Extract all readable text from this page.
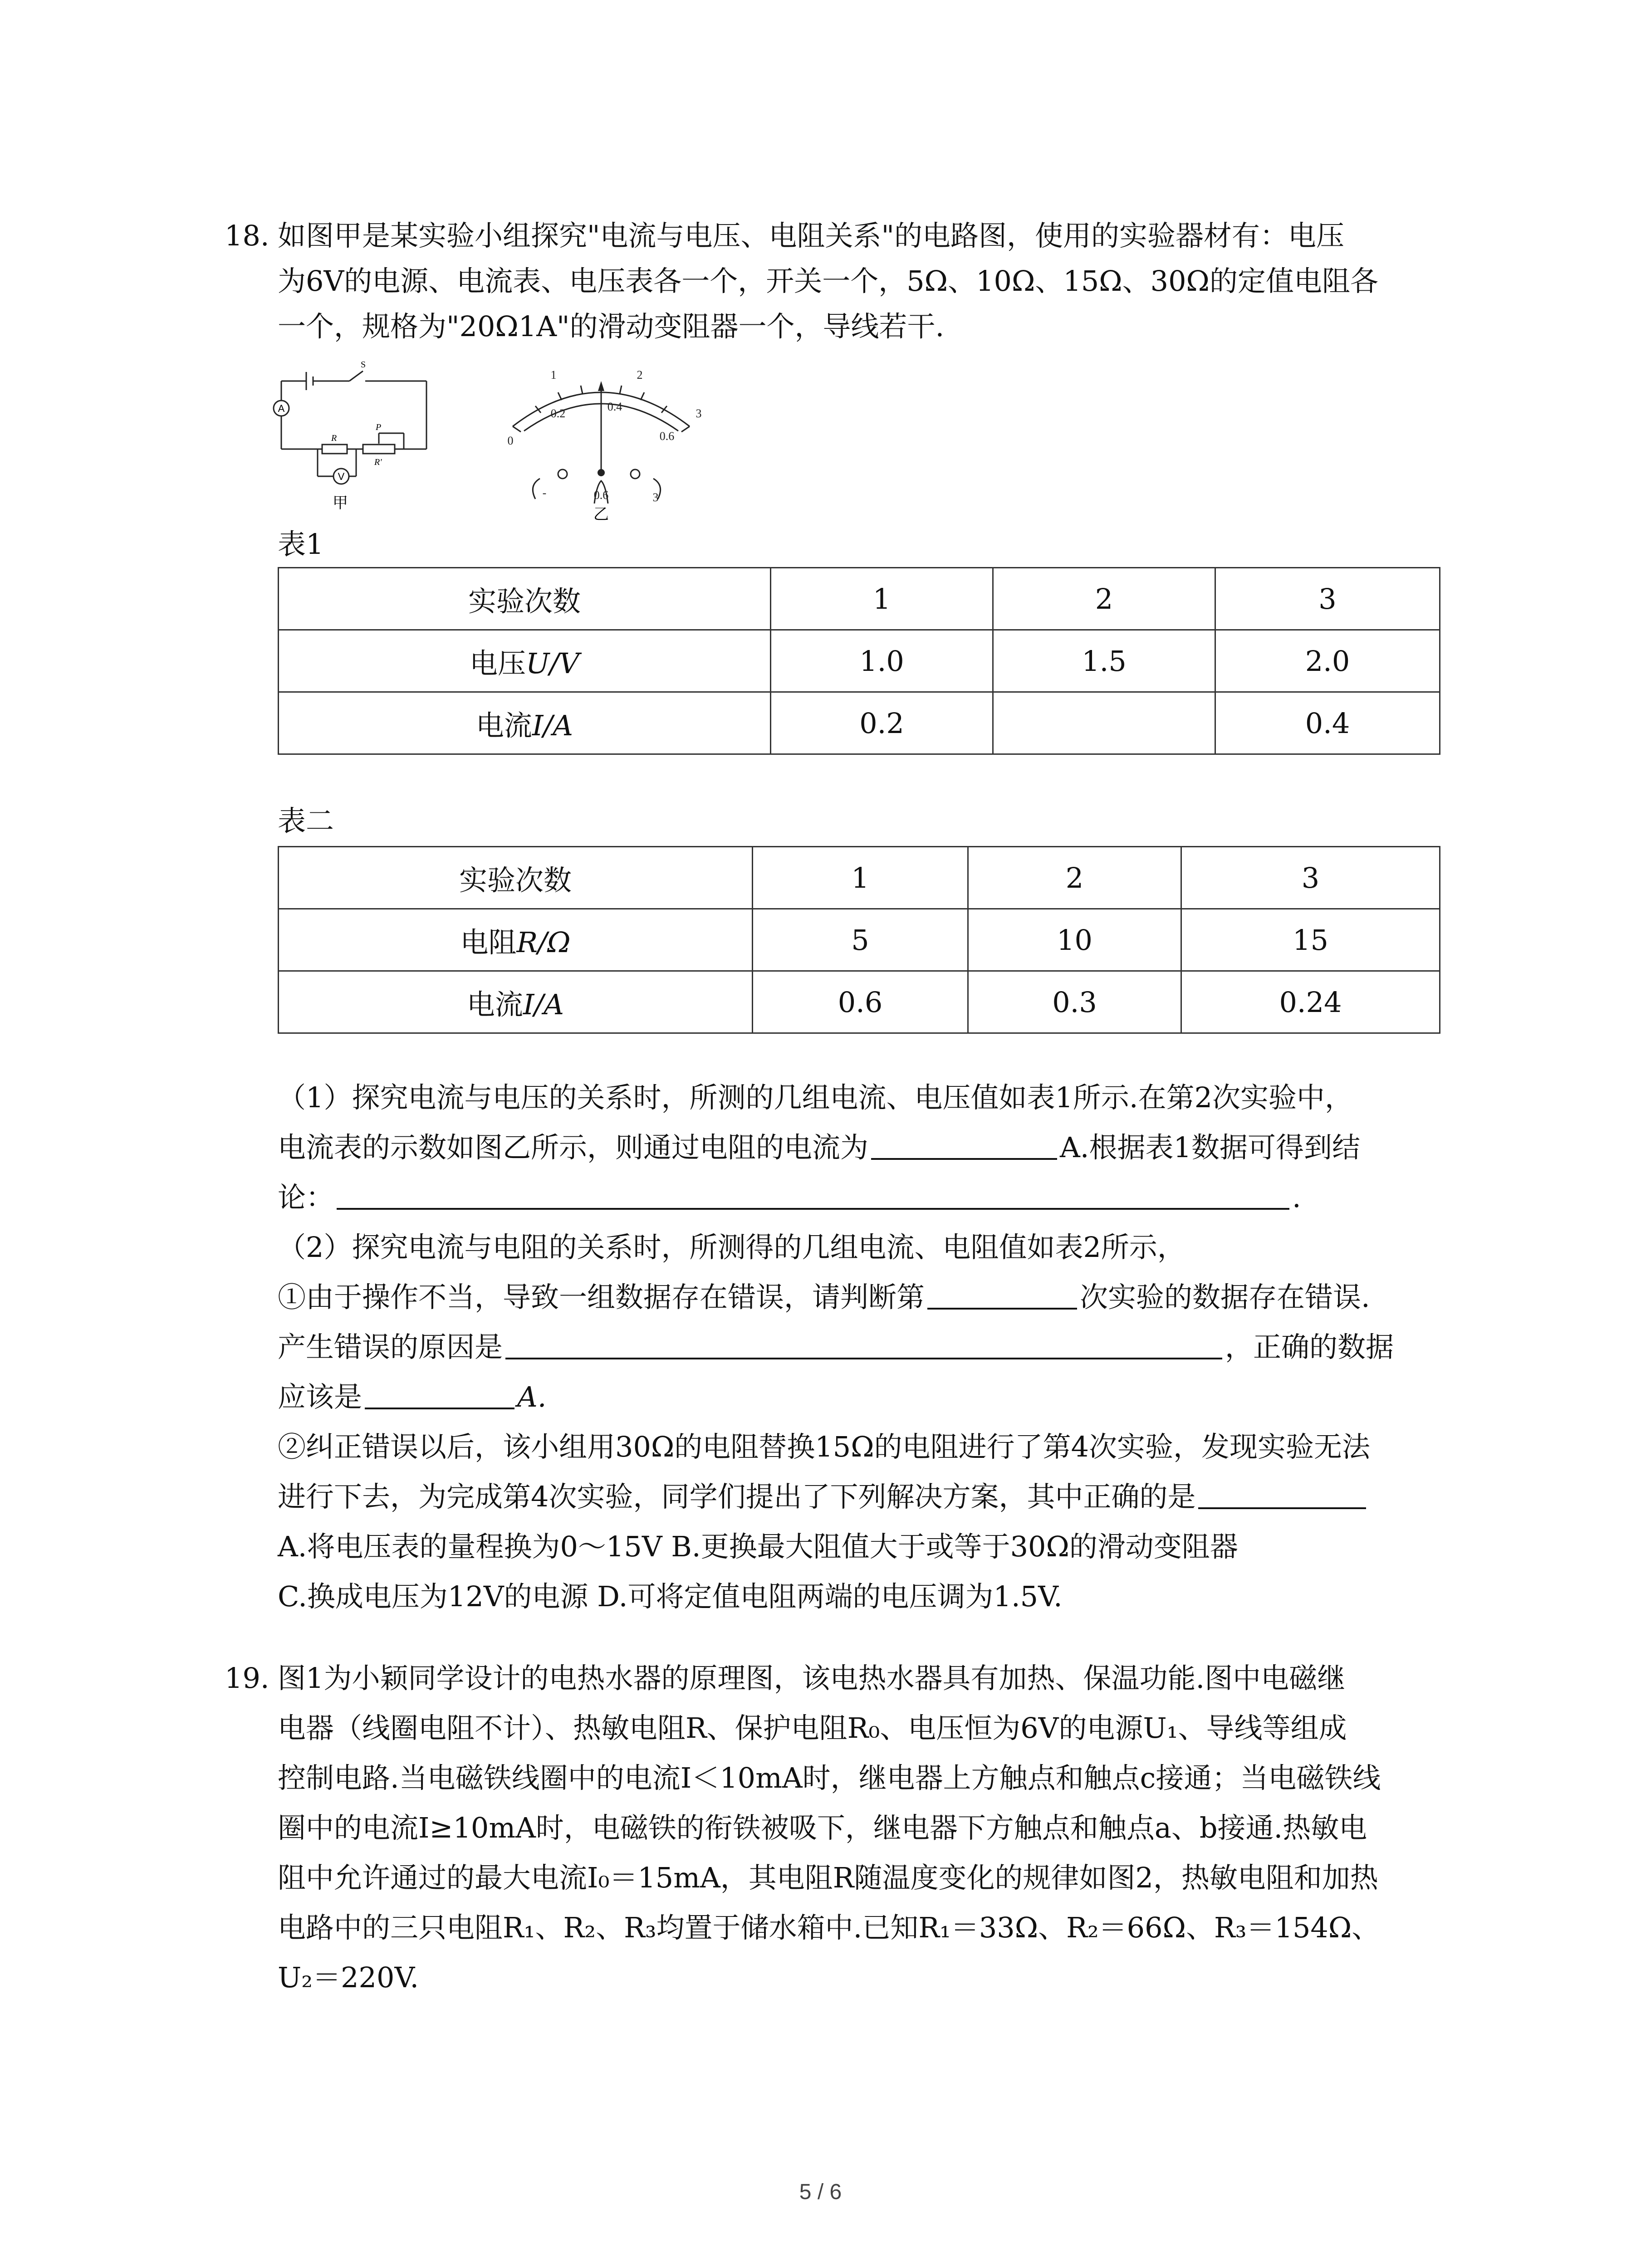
18. 如图甲是某实验小组探究"电流与电压、电阻关系"的电路图，使用的实验器材有：电压
为6V的电源、电流表、电压表各一个，开关一个，5Ω、10Ω、15Ω、30Ω的定值电阻各
一个，规格为"20Ω1A"的滑动变阻器一个，导线若干.
A
V
S
R
P
R'
甲
0
1	2
3
0.2
0.4
0.6
-	0.6	3
乙
表1
实验次数	1	2	3
电压U/V	1.0	1.5	2.0
电流I/A	0.2		0.4
表二
实验次数	1	2	3
电阻R/Ω	5	10	15
电流I/A	0.6	0.3	0.24
（1）探究电流与电压的关系时，所测的几组电流、电压值如表1所示.在第2次实验中，
电流表的示数如图乙所示，则通过电阻的电流为	A.根据表1数据可得到结
论：	.
（2）探究电流与电阻的关系时，所测得的几组电流、电阻值如表2所示，
①由于操作不当，导致一组数据存在错误，请判断第	次实验的数据存在错误.
产生错误的原因是	，正确的数据
应该是	A.
②纠正错误以后，该小组用30Ω的电阻替换15Ω的电阻进行了第4次实验，发现实验无法
进行下去，为完成第4次实验，同学们提出了下列解决方案，其中正确的是
A.将电压表的量程换为0～15V B.更换最大阻值大于或等于30Ω的滑动变阻器
C.换成电压为12V的电源 D.可将定值电阻两端的电压调为1.5V.
19. 图1为小颖同学设计的电热水器的原理图，该电热水器具有加热、保温功能.图中电磁继
电器（线圈电阻不计）、热敏电阻R、保护电阻R₀、电压恒为6V的电源U₁、导线等组成
控制电路.当电磁铁线圈中的电流I＜10mA时，继电器上方触点和触点c接通；当电磁铁线
圈中的电流I≥10mA时，电磁铁的衔铁被吸下，继电器下方触点和触点a、b接通.热敏电
阻中允许通过的最大电流I₀＝15mA，其电阻R随温度变化的规律如图2，热敏电阻和加热
电路中的三只电阻R₁、R₂、R₃均置于储水箱中.已知R₁＝33Ω、R₂＝66Ω、R₃＝154Ω、
U₂＝220V.
5 / 6
